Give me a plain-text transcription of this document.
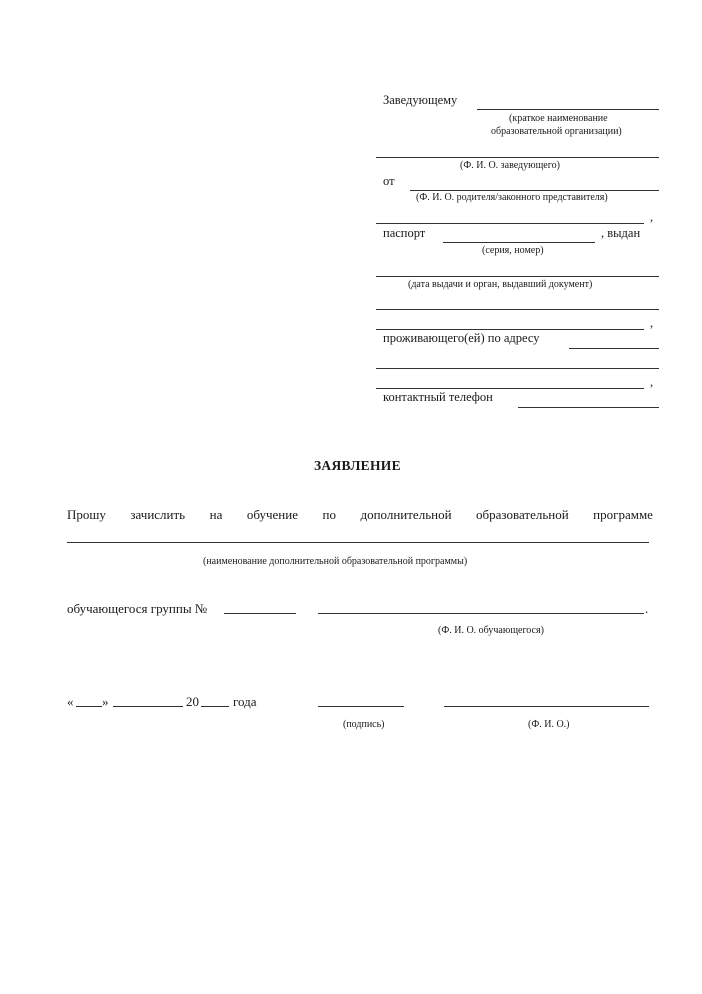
Заведующему
(краткое наименование
образовательной организации)
(Ф. И. О. заведующего)
от
(Ф. И. О. родителя/законного представителя)
,
паспорт	, выдан
(серия, номер)
(дата выдачи и орган, выдавший документ)
,
проживающего(ей) по адресу
,
контактный телефон
ЗАЯВЛЕНИЕ
Прошу зачислить на обучение по дополнительной образовательной программе
(наименование дополнительной образовательной программы)
обучающегося группы №	.
(Ф. И. О. обучающегося)
« »	20	года
(подпись)	(Ф. И. О.)
